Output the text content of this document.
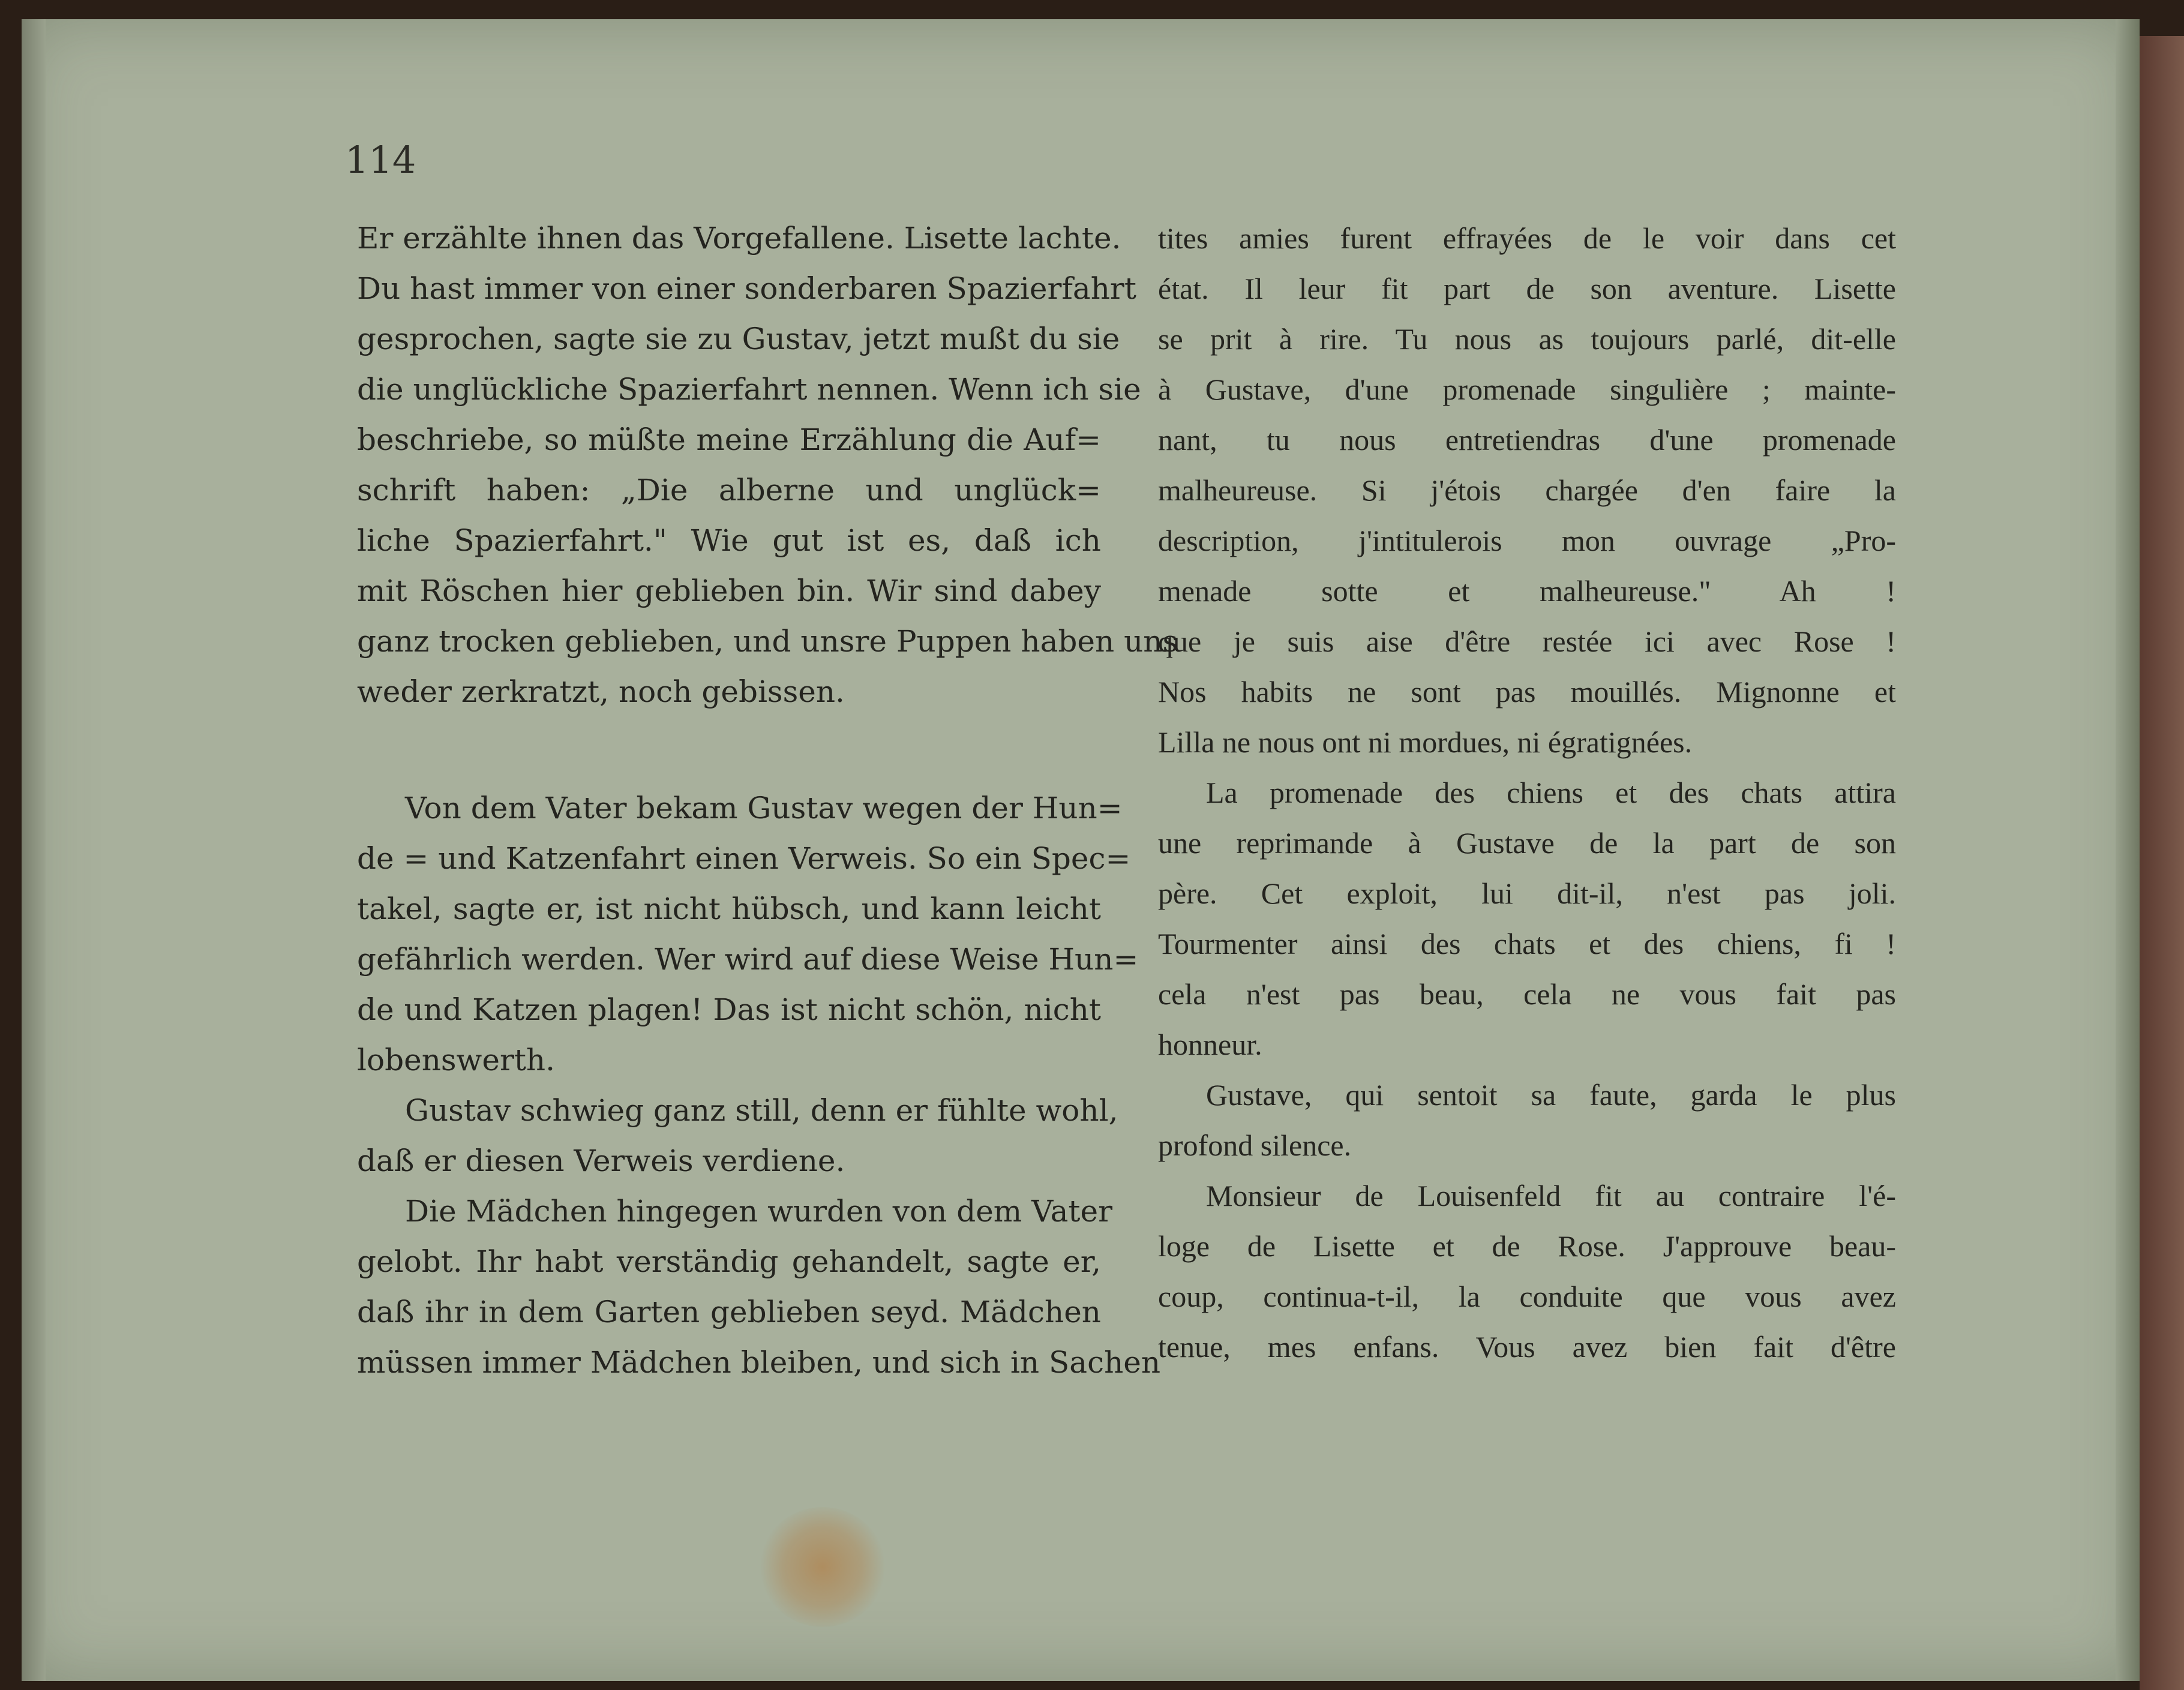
114
Er erzählte ihnen das Vorgefallene. Lisette lachte.
Du hast immer von einer sonderbaren Spazierfahrt
gesprochen, sagte sie zu Gustav, jetzt mußt du sie
die unglückliche Spazierfahrt nennen. Wenn ich sie
beschriebe, so müßte meine Erzählung die Auf=
schrift haben: „Die alberne und unglück=
liche Spazierfahrt." Wie gut ist es, daß ich
mit Röschen hier geblieben bin. Wir sind dabey
ganz trocken geblieben, und unsre Puppen haben uns
weder zerkratzt, noch gebissen.
Von dem Vater bekam Gustav wegen der Hun=
de = und Katzenfahrt einen Verweis. So ein Spec=
takel, sagte er, ist nicht hübsch, und kann leicht
gefährlich werden. Wer wird auf diese Weise Hun=
de und Katzen plagen! Das ist nicht schön, nicht
lobenswerth.
Gustav schwieg ganz still, denn er fühlte wohl,
daß er diesen Verweis verdiene.
Die Mädchen hingegen wurden von dem Vater
gelobt. Ihr habt verständig gehandelt, sagte er,
daß ihr in dem Garten geblieben seyd. Mädchen
müssen immer Mädchen bleiben, und sich in Sachen
tites amies furent effrayées de le voir dans cet
état. Il leur fit part de son aventure. Lisette
se prit à rire. Tu nous as toujours parlé, dit-elle
à Gustave, d'une promenade singulière ; mainte-
nant, tu nous entretiendras d'une promenade
malheureuse. Si j'étois chargée d'en faire la
description, j'intitulerois mon ouvrage „Pro-
menade sotte et malheureuse." Ah !
que je suis aise d'être restée ici avec Rose !
Nos habits ne sont pas mouillés. Mignonne et
Lilla ne nous ont ni mordues, ni égratignées.
La promenade des chiens et des chats attira
une reprimande à Gustave de la part de son
père. Cet exploit, lui dit-il, n'est pas joli.
Tourmenter ainsi des chats et des chiens, fi !
cela n'est pas beau, cela ne vous fait pas
honneur.
Gustave, qui sentoit sa faute, garda le plus
profond silence.
Monsieur de Louisenfeld fit au contraire l'é-
loge de Lisette et de Rose. J'approuve beau-
coup, continua-t-il, la conduite que vous avez
tenue, mes enfans. Vous avez bien fait d'être
